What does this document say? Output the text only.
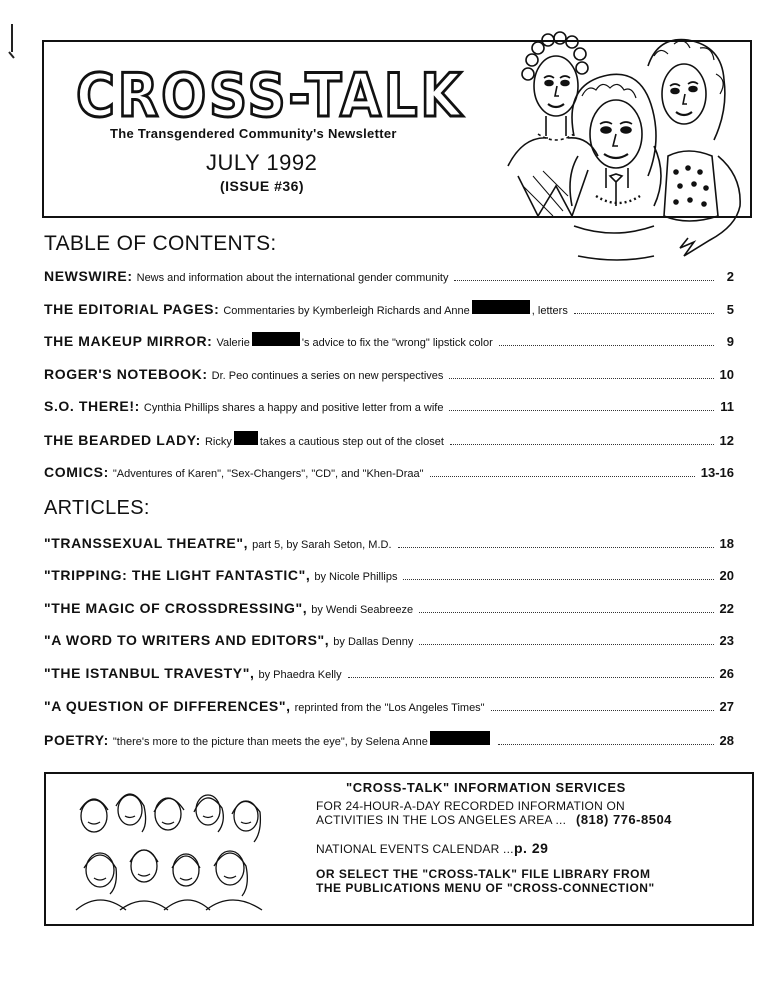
CROSS-TALK
The Transgendered Community's Newsletter
JULY 1992
(ISSUE #36)
TABLE OF CONTENTS:
NEWSWIRE: News and information about the international gender community	2
THE EDITORIAL PAGES: Commentaries by Kymberleigh Richards and Anne	, letters	5
THE MAKEUP MIRROR: Valerie	's advice to fix the "wrong" lipstick color	9
ROGER'S NOTEBOOK: Dr. Peo continues a series on new perspectives	10
S.O. THERE!: Cynthia Phillips shares a happy and positive letter from a wife	11
THE BEARDED LADY: Ricky	takes a cautious step out of the closet	12
COMICS: "Adventures of Karen", "Sex-Changers", "CD", and "Khen-Draa"	13-16
ARTICLES:
"TRANSSEXUAL THEATRE", part 5, by Sarah Seton, M.D.	18
"TRIPPING: THE LIGHT FANTASTIC", by Nicole Phillips	20
"THE MAGIC OF CROSSDRESSING", by Wendi Seabreeze	22
"A WORD TO WRITERS AND EDITORS", by Dallas Denny	23
"THE ISTANBUL TRAVESTY", by Phaedra Kelly	26
"A QUESTION OF DIFFERENCES", reprinted from the "Los Angeles Times"	27
POETRY: "there's more to the picture than meets the eye", by Selena Anne	28
"CROSS-TALK" INFORMATION SERVICES
FOR 24-HOUR-A-DAY RECORDED INFORMATION ON
ACTIVITIES IN THE LOS ANGELES AREA ... (818) 776-8504
NATIONAL EVENTS CALENDAR ... p. 29
OR SELECT THE "CROSS-TALK" FILE LIBRARY FROM
THE PUBLICATIONS MENU OF "CROSS-CONNECTION"
